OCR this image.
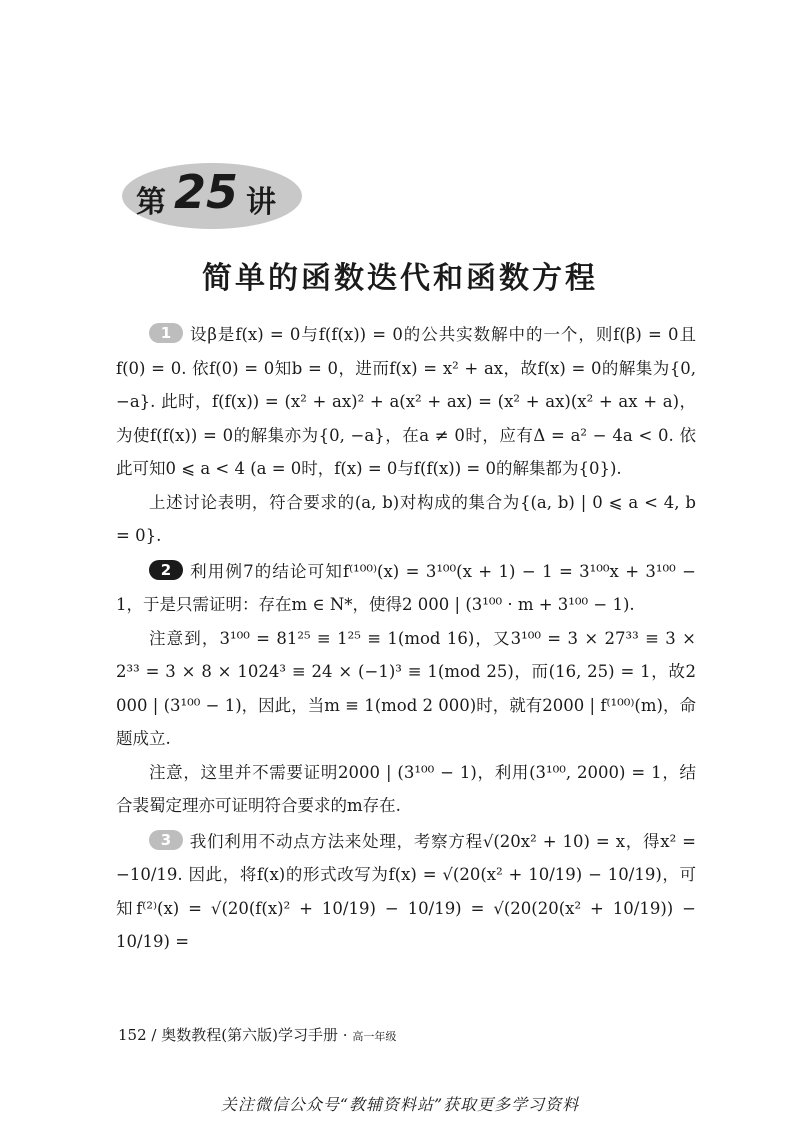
第 25 讲
简单的函数迭代和函数方程

1 设β是f(x) = 0与f(f(x)) = 0的公共实数解中的一个，则f(β) = 0且f(0) = 0. 依f(0) = 0知b = 0，进而f(x) = x² + ax，故f(x) = 0的解集为{0, −a}. 此时，f(f(x)) = (x² + ax)² + a(x² + ax) = (x² + ax)(x² + ax + a)，为使f(f(x)) = 0的解集亦为{0, −a}，在a ≠ 0时，应有Δ = a² − 4a < 0. 依此可知0 ⩽ a < 4 (a = 0时，f(x) = 0与f(f(x)) = 0的解集都为{0}).

上述讨论表明，符合要求的(a, b)对构成的集合为{(a, b) | 0 ⩽ a < 4, b = 0}.

2 利用例7的结论可知f⁽¹⁰⁰⁾(x) = 3¹⁰⁰(x + 1) − 1 = 3¹⁰⁰x + 3¹⁰⁰ − 1，于是只需证明：存在m ∈ N*，使得2 000 | (3¹⁰⁰ · m + 3¹⁰⁰ − 1).

注意到，3¹⁰⁰ = 81²⁵ ≡ 1²⁵ ≡ 1(mod 16)，又3¹⁰⁰ = 3 × 27³³ ≡ 3 × 2³³ = 3 × 8 × 1024³ ≡ 24 × (−1)³ ≡ 1(mod 25)，而(16, 25) = 1，故2 000 | (3¹⁰⁰ − 1)，因此，当m ≡ 1(mod 2 000)时，就有2000 | f⁽¹⁰⁰⁾(m)，命题成立.

注意，这里并不需要证明2000 | (3¹⁰⁰ − 1)，利用(3¹⁰⁰, 2000) = 1，结合裴蜀定理亦可证明符合要求的m存在.

3 我们利用不动点方法来处理，考察方程√(20x² + 10) = x，得x² = −10/19. 因此，将f(x)的形式改写为f(x) = √(20(x² + 10/19) − 10/19)，可知f⁽²⁾(x) = √(20(f(x)² + 10/19) − 10/19) = √(20(20(x² + 10/19)) − 10/19) =

152 / 奥数教程(第六版)学习手册 · 高一年级
关注微信公众号“教辅资料站”获取更多学习资料
